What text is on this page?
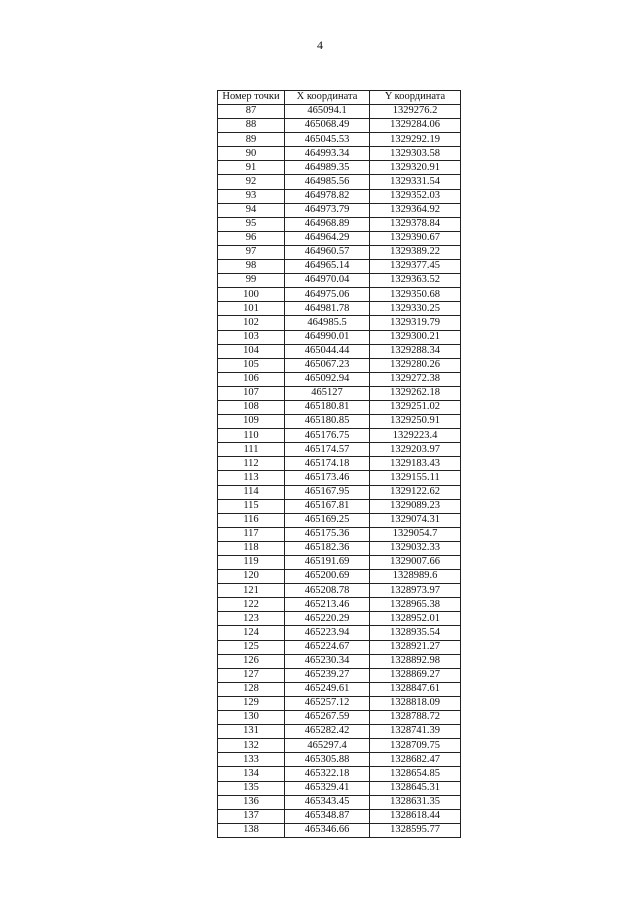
4
Номер точки	X координата	Y координата
87	465094.1	1329276.2
88	465068.49	1329284.06
89	465045.53	1329292.19
90	464993.34	1329303.58
91	464989.35	1329320.91
92	464985.56	1329331.54
93	464978.82	1329352.03
94	464973.79	1329364.92
95	464968.89	1329378.84
96	464964.29	1329390.67
97	464960.57	1329389.22
98	464965.14	1329377.45
99	464970.04	1329363.52
100	464975.06	1329350.68
101	464981.78	1329330.25
102	464985.5	1329319.79
103	464990.01	1329300.21
104	465044.44	1329288.34
105	465067.23	1329280.26
106	465092.94	1329272.38
107	465127	1329262.18
108	465180.81	1329251.02
109	465180.85	1329250.91
110	465176.75	1329223.4
111	465174.57	1329203.97
112	465174.18	1329183.43
113	465173.46	1329155.11
114	465167.95	1329122.62
115	465167.81	1329089.23
116	465169.25	1329074.31
117	465175.36	1329054.7
118	465182.36	1329032.33
119	465191.69	1329007.66
120	465200.69	1328989.6
121	465208.78	1328973.97
122	465213.46	1328965.38
123	465220.29	1328952.01
124	465223.94	1328935.54
125	465224.67	1328921.27
126	465230.34	1328892.98
127	465239.27	1328869.27
128	465249.61	1328847.61
129	465257.12	1328818.09
130	465267.59	1328788.72
131	465282.42	1328741.39
132	465297.4	1328709.75
133	465305.88	1328682.47
134	465322.18	1328654.85
135	465329.41	1328645.31
136	465343.45	1328631.35
137	465348.87	1328618.44
138	465346.66	1328595.77
